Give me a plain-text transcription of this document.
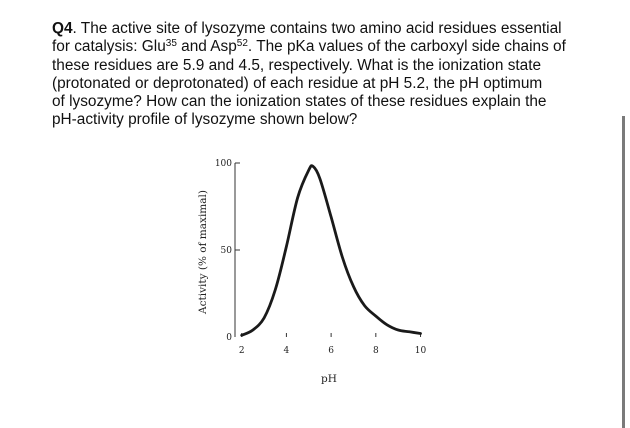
Q4. The active site of lysozyme contains two amino acid residues essential
for catalysis: Glu$^{35}$ and Asp$^{52}$. The pKa values of the carboxyl side chains of
these residues are 5.9 and 4.5, respectively. What is the ionization state
(protonated or deprotonated) of each residue at pH 5.2, the pH optimum
of lysozyme? How can the ionization states of these residues explain the
pH-activity profile of lysozyme shown below?
0
50
100
2	4	6	8	10
Activity (% of maximal)
pH
